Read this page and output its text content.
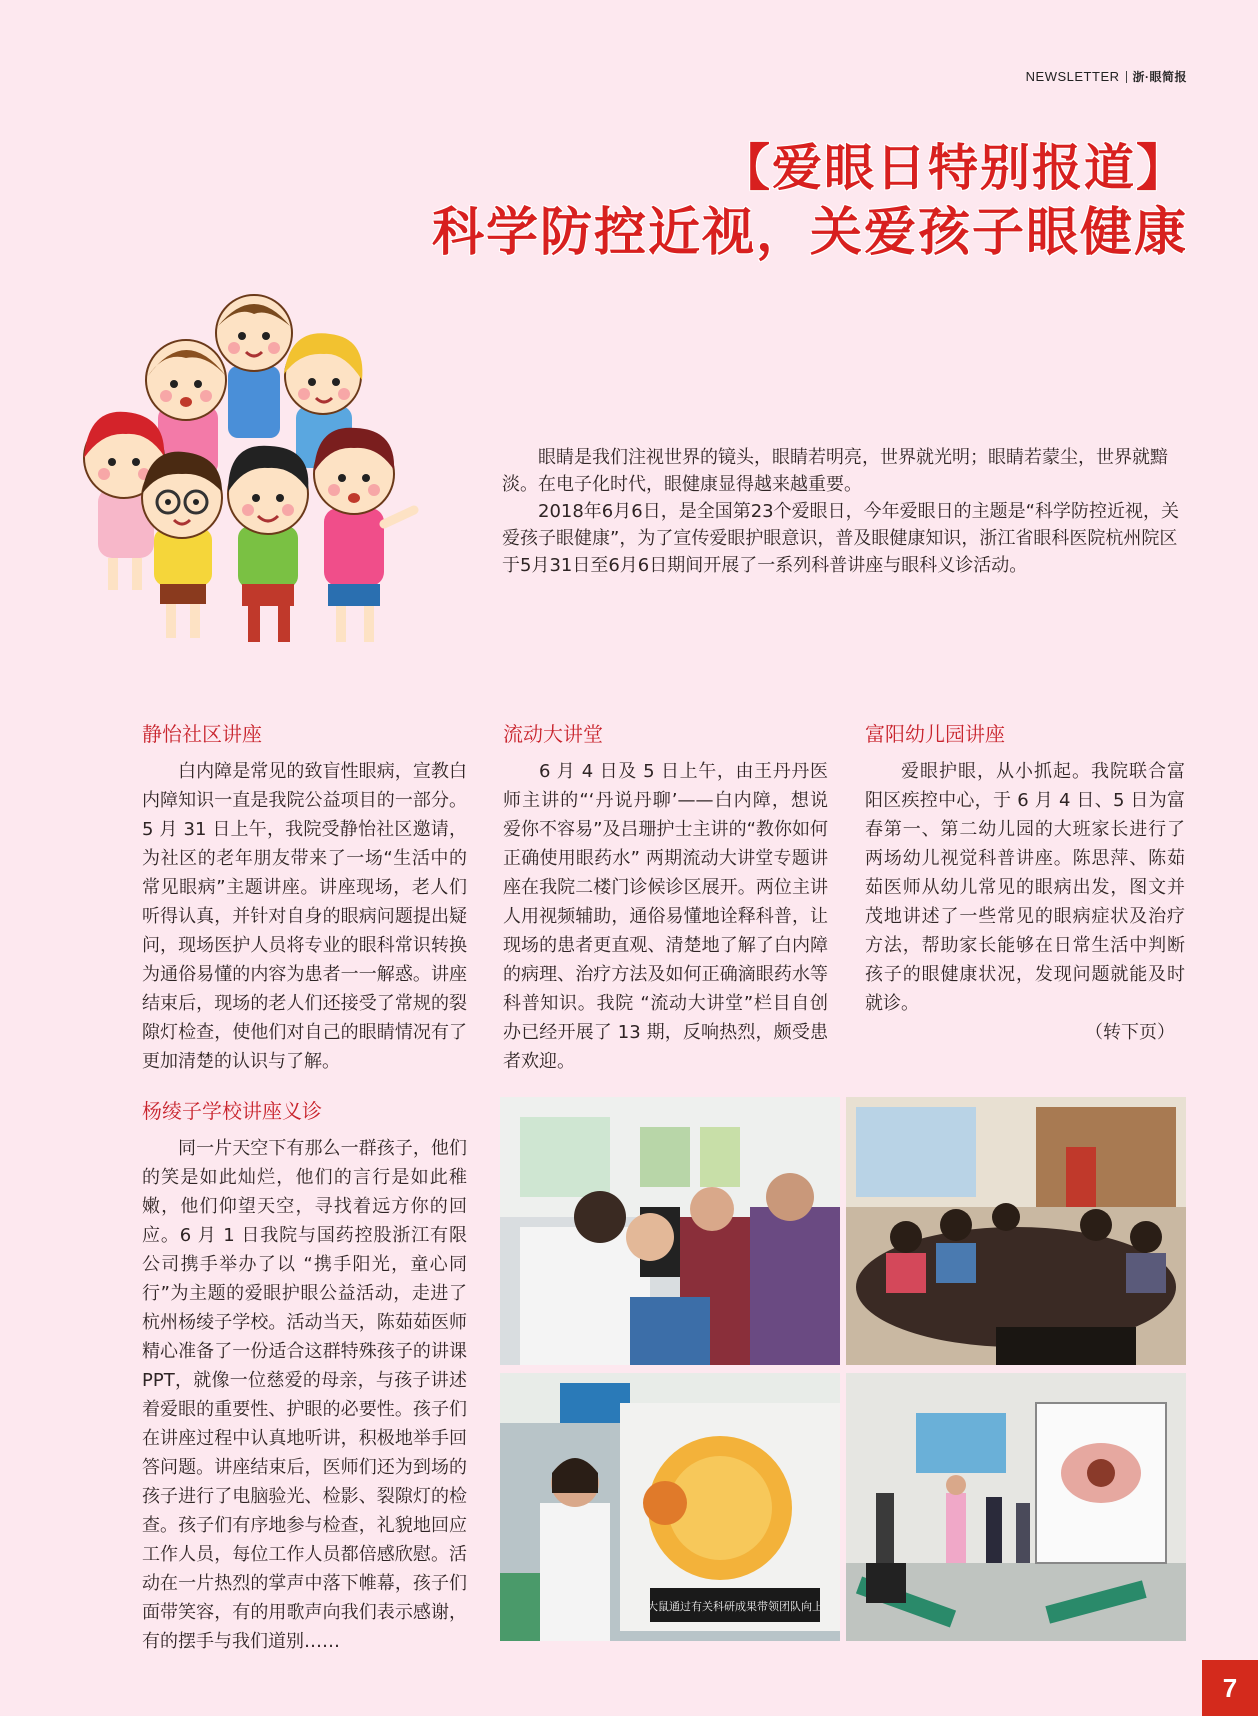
NEWSLETTER 浙·眼简报
【爱眼日特别报道】
科学防控近视，关爱孩子眼健康

眼睛是我们注视世界的镜头，眼睛若明亮，世界就光明；眼睛若蒙尘，世界就黯淡。在电子化时代，眼健康显得越来越重要。

2018年6月6日，是全国第23个爱眼日，今年爱眼日的主题是“科学防控近视，关爱孩子眼健康”，为了宣传爱眼护眼意识，普及眼健康知识，浙江省眼科医院杭州院区于5月31日至6月6日期间开展了一系列科普讲座与眼科义诊活动。

静怡社区讲座

白内障是常见的致盲性眼病，宣教白内障知识一直是我院公益项目的一部分。5 月 31 日上午，我院受静怡社区邀请，为社区的老年朋友带来了一场“生活中的常见眼病”主题讲座。讲座现场，老人们听得认真，并针对自身的眼病问题提出疑问，现场医护人员将专业的眼科常识转换为通俗易懂的内容为患者一一解惑。讲座结束后，现场的老人们还接受了常规的裂隙灯检查，使他们对自己的眼睛情况有了更加清楚的认识与了解。

流动大讲堂

6 月 4 日及 5 日上午，由王丹丹医师主讲的“‘丹说丹聊’——白内障，想说爱你不容易”及吕珊护士主讲的“教你如何正确使用眼药水” 两期流动大讲堂专题讲座在我院二楼门诊候诊区展开。两位主讲人用视频辅助，通俗易懂地诠释科普，让现场的患者更直观、清楚地了解了白内障的病理、治疗方法及如何正确滴眼药水等科普知识。我院 “流动大讲堂”栏目自创办已经开展了 13 期，反响热烈，颇受患者欢迎。

富阳幼儿园讲座

爱眼护眼，从小抓起。我院联合富阳区疾控中心，于 6 月 4 日、5 日为富春第一、第二幼儿园的大班家长进行了两场幼儿视觉科普讲座。陈思萍、陈茹茹医师从幼儿常见的眼病出发，图文并茂地讲述了一些常见的眼病症状及治疗方法，帮助家长能够在日常生活中判断孩子的眼健康状况，发现问题就能及时就诊。

（转下页）
杨绫子学校讲座义诊

同一片天空下有那么一群孩子，他们的笑是如此灿烂，他们的言行是如此稚嫩，他们仰望天空，寻找着远方你的回应。6 月 1 日我院与国药控股浙江有限公司携手举办了以 “携手阳光，童心同行”为主题的爱眼护眼公益活动，走进了杭州杨绫子学校。活动当天，陈茹茹医师精心准备了一份适合这群特殊孩子的讲课 PPT，就像一位慈爱的母亲，与孩子讲述着爱眼的重要性、护眼的必要性。孩子们在讲座过程中认真地听讲，积极地举手回答问题。讲座结束后，医师们还为到场的孩子进行了电脑验光、检影、裂隙灯的检查。孩子们有序地参与检查，礼貌地回应工作人员，每位工作人员都倍感欣慰。活动在一片热烈的掌声中落下帷幕，孩子们面带笑容，有的用歌声向我们表示感谢，有的摆手与我们道别……

大鼠通过有关科研成果带领团队向上
7
